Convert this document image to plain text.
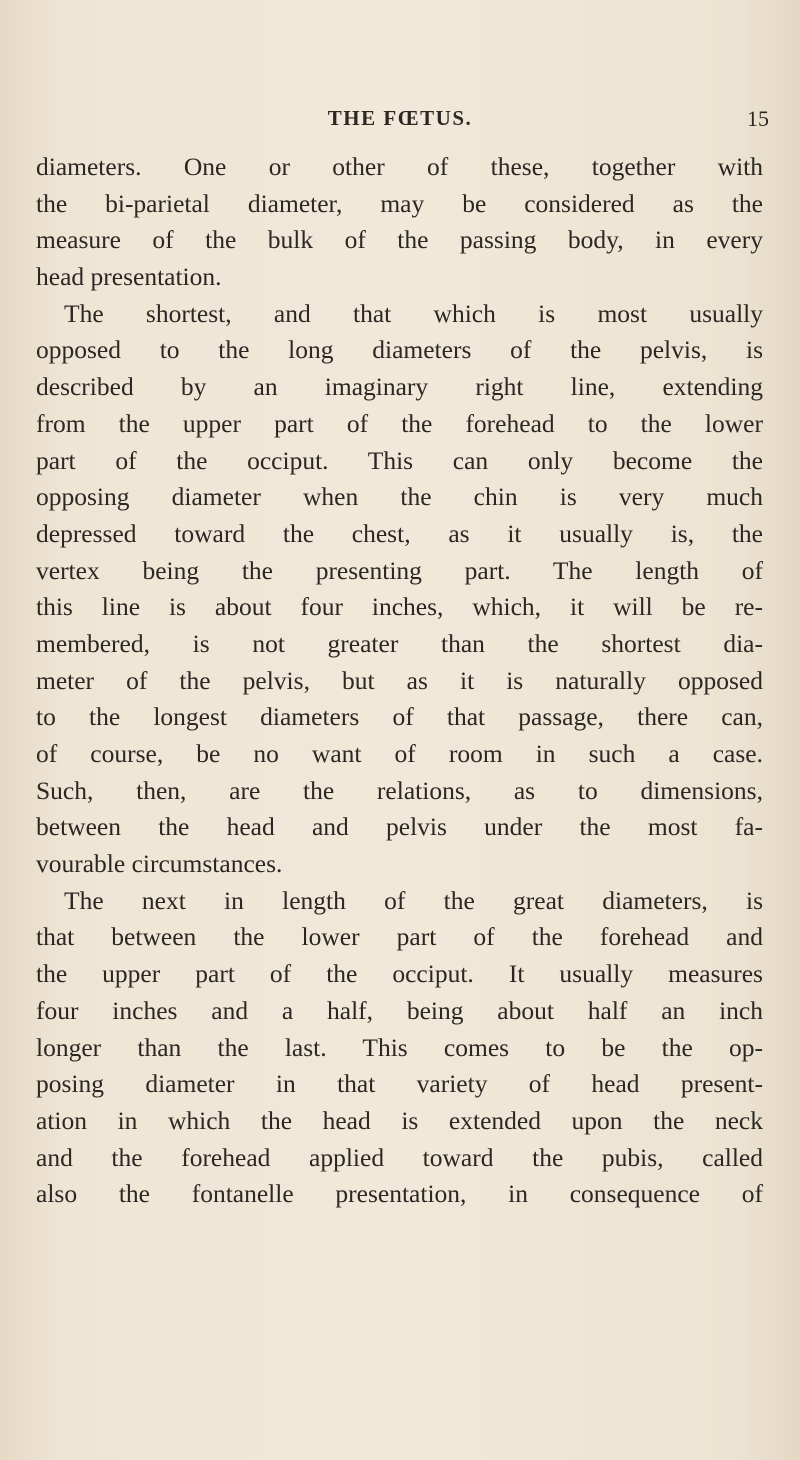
THE FŒTUS.	15
diameters. One or other of these, together with
the bi-parietal diameter, may be considered as the
measure of the bulk of the passing body, in every
head presentation.
The shortest, and that which is most usually
opposed to the long diameters of the pelvis, is
described by an imaginary right line, extending
from the upper part of the forehead to the lower
part of the occiput. This can only become the
opposing diameter when the chin is very much
depressed toward the chest, as it usually is, the
vertex being the presenting part. The length of
this line is about four inches, which, it will be re-
membered, is not greater than the shortest dia-
meter of the pelvis, but as it is naturally opposed
to the longest diameters of that passage, there can,
of course, be no want of room in such a case.
Such, then, are the relations, as to dimensions,
between the head and pelvis under the most fa-
vourable circumstances.
The next in length of the great diameters, is
that between the lower part of the forehead and
the upper part of the occiput. It usually measures
four inches and a half, being about half an inch
longer than the last. This comes to be the op-
posing diameter in that variety of head present-
ation in which the head is extended upon the neck
and the forehead applied toward the pubis, called
also the fontanelle presentation, in consequence of
